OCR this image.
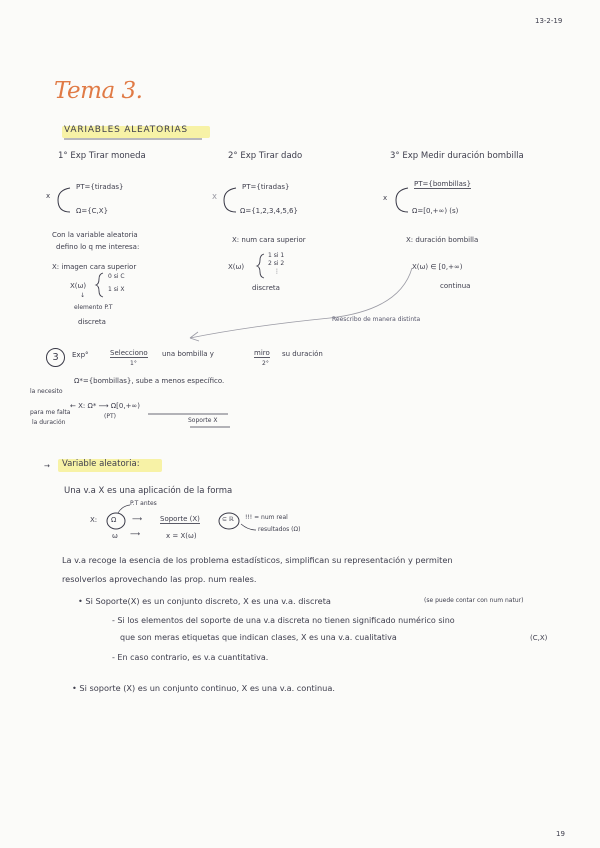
13-2-19
Tema 3.
VARIABLES ALEATORIAS
1° Exp Tirar moneda
x
PT={tiradas}
Ω={C,X}
Con la variable aleatoria
defino lo q me interesa:
X: imagen cara superior
X(ω)
0 si C
1 si X
↓
elemento P.T
discreta
2° Exp Tirar dado
x
PT={tiradas}
Ω={1,2,3,4,5,6}
X: num cara superior
X(ω)
1 si 1
2 si 2
⋮
discreta
3° Exp Medir duración bombilla
x
PT={bombillas}
Ω=[0,+∞) (s)
X: duración bombilla
X(ω) ∈ [0,+∞)
continua
Reescribo de manera distinta
3	Exp°	Selecciono una bombilla y	miro su duración
1°	2°
Ω*={bombillas}, sube a menos específico.
la necesito
para me falta
la duración
← X: Ω* ⟶ Ω[0,+∞)
(PT)
Soporte X
→ Variable aleatoria:
Una v.a X es una aplicación de la forma
P.T antes
X: Ω ⟶	Soporte (X)	⊆ ℝ !!! = num real
resultados (Ω)
ω ⟶	x = X(ω)
La v.a recoge la esencia de los problema estadísticos, simplifican su representación y permiten
resolverlos aprovechando las prop. num reales.
• Si Soporte(X) es un conjunto discreto, X es una v.a. discreta	(se puede contar con num natur)
- Si los elementos del soporte de una v.a discreta no tienen significado numérico sino
que son meras etiquetas que indican clases, X es una v.a. cualitativa	(C,X)
- En caso contrario, es v.a cuantitativa.
• Si soporte (X) es un conjunto continuo, X es una v.a. continua.
19
